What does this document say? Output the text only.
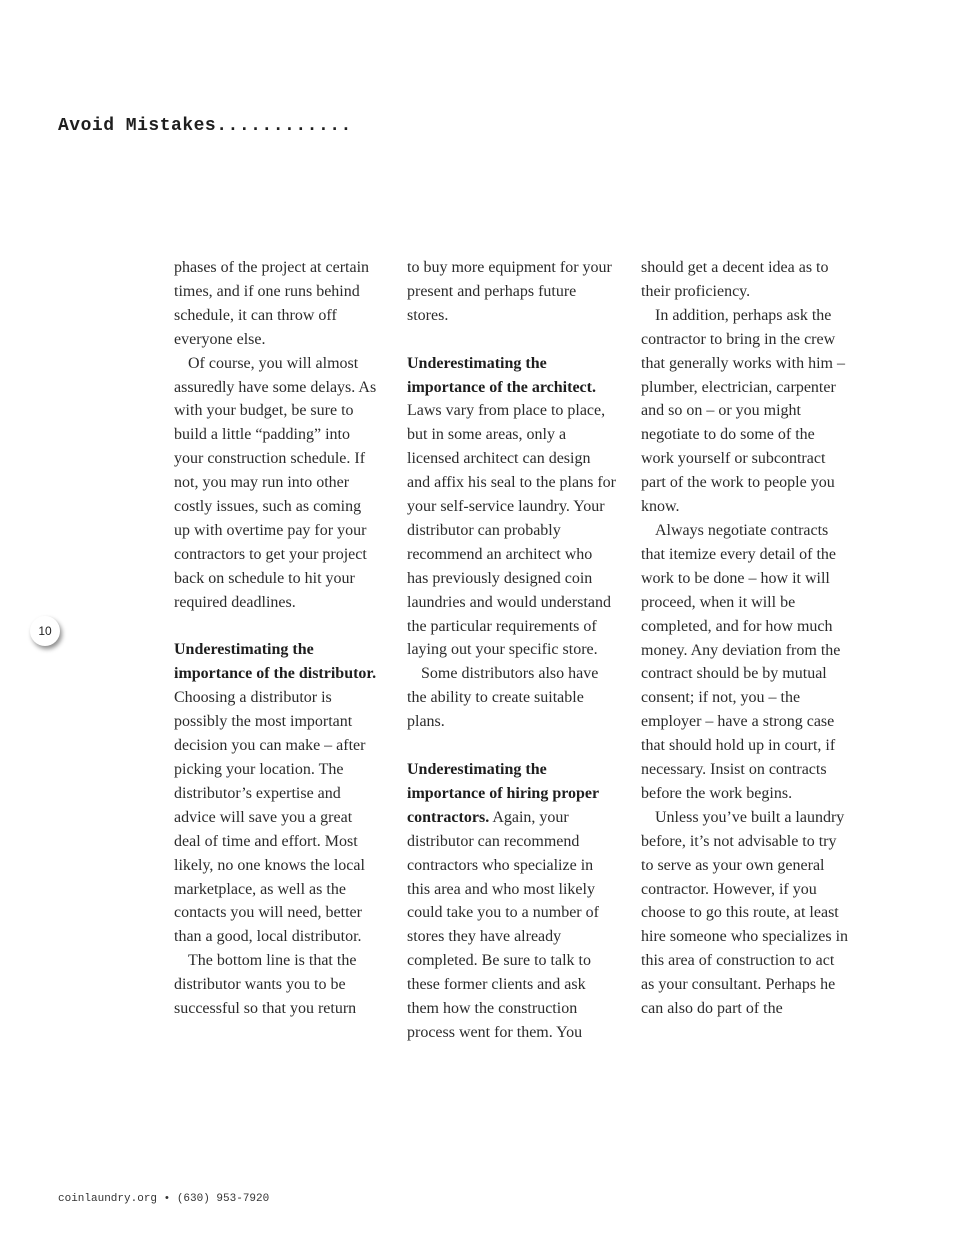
Avoid Mistakes............
10

phases of the project at certain times, and if one runs behind schedule, it can throw off everyone else.

Of course, you will almost assuredly have some delays. As with your budget, be sure to build a little “padding” into your construction schedule. If not, you may run into other costly issues, such as coming up with overtime pay for your contractors to get your project back on schedule to hit your required deadlines.

Underestimating the importance of the distributor.

Choosing a distributor is possibly the most important decision you can make – after picking your location. The distributor’s expertise and advice will save you a great deal of time and effort. Most likely, no one knows the local marketplace, as well as the contacts you will need, better than a good, local distributor.

The bottom line is that the distributor wants you to be successful so that you return

to buy more equipment for your present and perhaps future stores.

Underestimating the importance of the architect. Laws vary from place to place, but in some areas, only a licensed architect can design and affix his seal to the plans for your self-service laundry. Your distributor can probably recommend an architect who has previously designed coin laundries and would understand the particular requirements of laying out your specific store.

Some distributors also have the ability to create suitable plans.

Underestimating the importance of hiring proper contractors. Again, your distributor can recommend contractors who specialize in this area and who most likely could take you to a number of stores they have already completed. Be sure to talk to these former clients and ask them how the construction process went for them. You

should get a decent idea as to their proficiency.

In addition, perhaps ask the contractor to bring in the crew that generally works with him – plumber, electrician, carpenter and so on – or you might negotiate to do some of the work yourself or subcontract part of the work to people you know.

Always negotiate contracts that itemize every detail of the work to be done – how it will proceed, when it will be completed, and for how much money. Any deviation from the contract should be by mutual consent; if not, you – the employer – have a strong case that should hold up in court, if necessary. Insist on contracts before the work begins.

Unless you’ve built a laundry before, it’s not advisable to try to serve as your own general contractor. However, if you choose to go this route, at least hire someone who specializes in this area of construction to act as your consultant. Perhaps he can also do part of the

coinlaundry.org • (630) 953-7920
